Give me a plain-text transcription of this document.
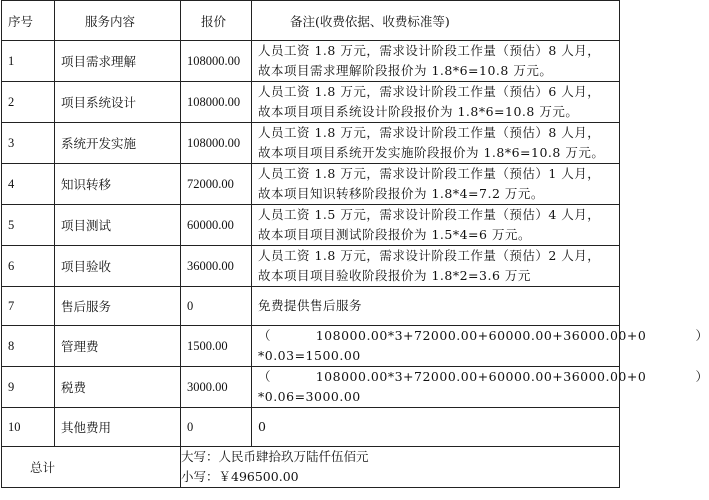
序号	服务内容	报价	备注(收费依据、收费标准等)
1	项目需求理解	108000.00	人员工资 1.8 万元，需求设计阶段工作量（预估）8 人月，
故本项目需求理解阶段报价为 1.8*6=10.8 万元。

2	项目系统设计	108000.00	人员工资 1.8 万元，需求设计阶段工作量（预估）6 人月，
故本项目项目系统设计阶段报价为 1.8*6=10.8 万元。

3	系统开发实施	108000.00	人员工资 1.8 万元，需求设计阶段工作量（预估）8 人月，
故本项目项目系统开发实施阶段报价为 1.8*6=10.8 万元。

4	知识转移	72000.00	人员工资 1.8 万元，需求设计阶段工作量（预估）1 人月，
故本项目知识转移阶段报价为 1.8*4=7.2 万元。

5	项目测试	60000.00	人员工资 1.5 万元，需求设计阶段工作量（预估）4 人月，
故本项目项目测试阶段报价为 1.5*4=6 万元。

6	项目验收	36000.00	人员工资 1.8 万元，需求设计阶段工作量（预估）2 人月，
故本项目项目验收阶段报价为 1.8*2=3.6 万元

7	售后服务	0	免费提供售后服务

8	管理费	1500.00	（          108000.00*3+72000.00+60000.00+36000.00+0           ）
*0.03=1500.00

9	税费	3000.00	（          108000.00*3+72000.00+60000.00+36000.00+0           ）
*0.06=3000.00

10	其他费用	0	0

总计		大写：人民币肆拾玖万陆仟伍佰元
小写：￥496500.00	
